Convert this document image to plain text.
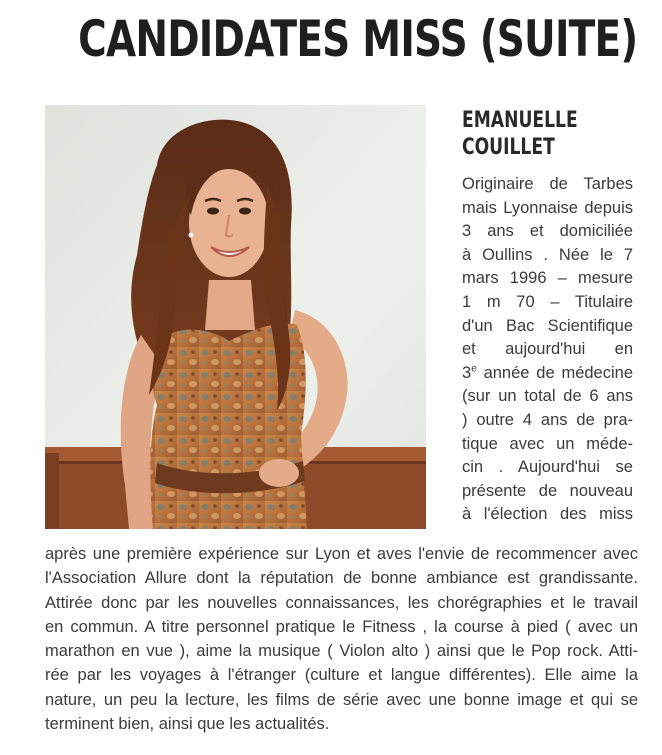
CANDIDATES MISS (SUITE)
EMANUELLE
COUILLET
Originaire de Tarbes
mais Lyonnaise depuis
3 ans et domiciliée
à Oullins . Née le 7
mars 1996 – mesure
1 m 70 – Titulaire
d'un Bac Scientifique
et aujourd'hui en
3e année de médecine
(sur un total de 6 ans
) outre 4 ans de pra-
tique avec un méde-
cin . Aujourd'hui se
présente de nouveau
à l'élection des miss
après une première expérience sur Lyon et aves l'envie de recommencer avec
l'Association Allure dont la réputation de bonne ambiance est grandissante.
Attirée donc par les nouvelles connaissances, les chorégraphies et le travail
en commun. A titre personnel pratique le Fitness , la course à pied ( avec un
marathon en vue ), aime la musique ( Violon alto ) ainsi que le Pop rock. Atti-
rée par les voyages à l'étranger (culture et langue différentes). Elle aime la
nature, un peu la lecture, les films de série avec une bonne image et qui se
terminent bien, ainsi que les actualités.
